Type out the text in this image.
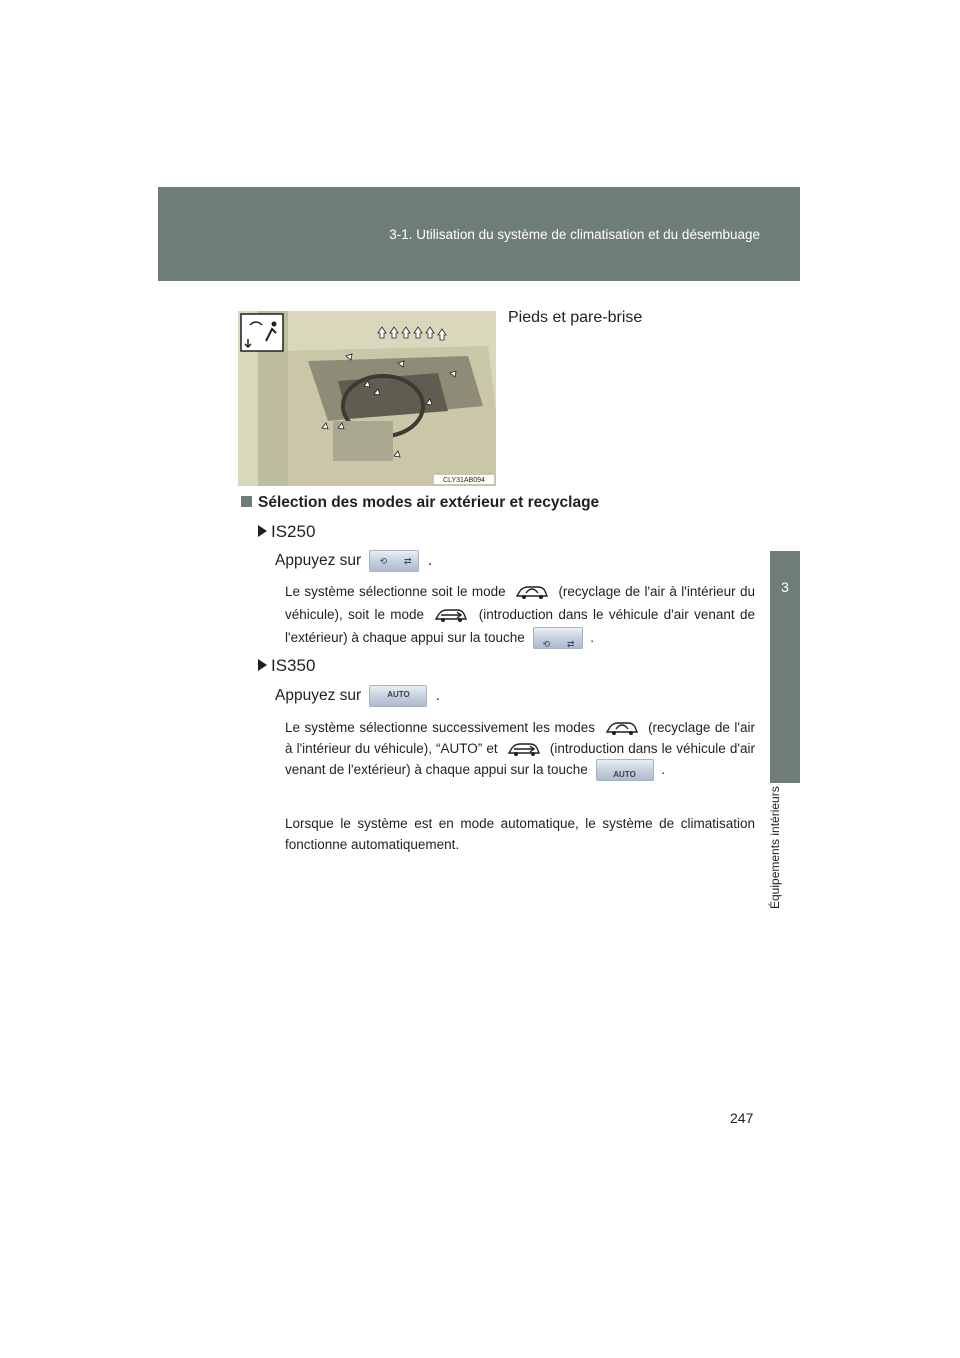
3-1. Utilisation du système de climatisation et du désembuage
3
Équipements intérieurs
CLY31AB094
Pieds et pare-brise
Sélection des modes air extérieur et recyclage
IS250
Appuyez sur ⟲ ⇄ .
Le système sélectionne soit le mode	(recyclage de l'air à l'intérieur du véhicule), soit le mode	(introduction dans le véhicule d'air venant de l'extérieur) à chaque appui sur la touche ⟲ ⇄ .
IS350
Appuyez sur	AUTO	.
Le système sélectionne successivement les modes	(recyclage de l'air à l'intérieur du véhicule), “AUTO” et	(introduction dans le véhicule d'air venant de l'extérieur) à chaque appui sur la touche	AUTO	.
Lorsque le système est en mode automatique, le système de climatisation fonctionne automatiquement.
247
